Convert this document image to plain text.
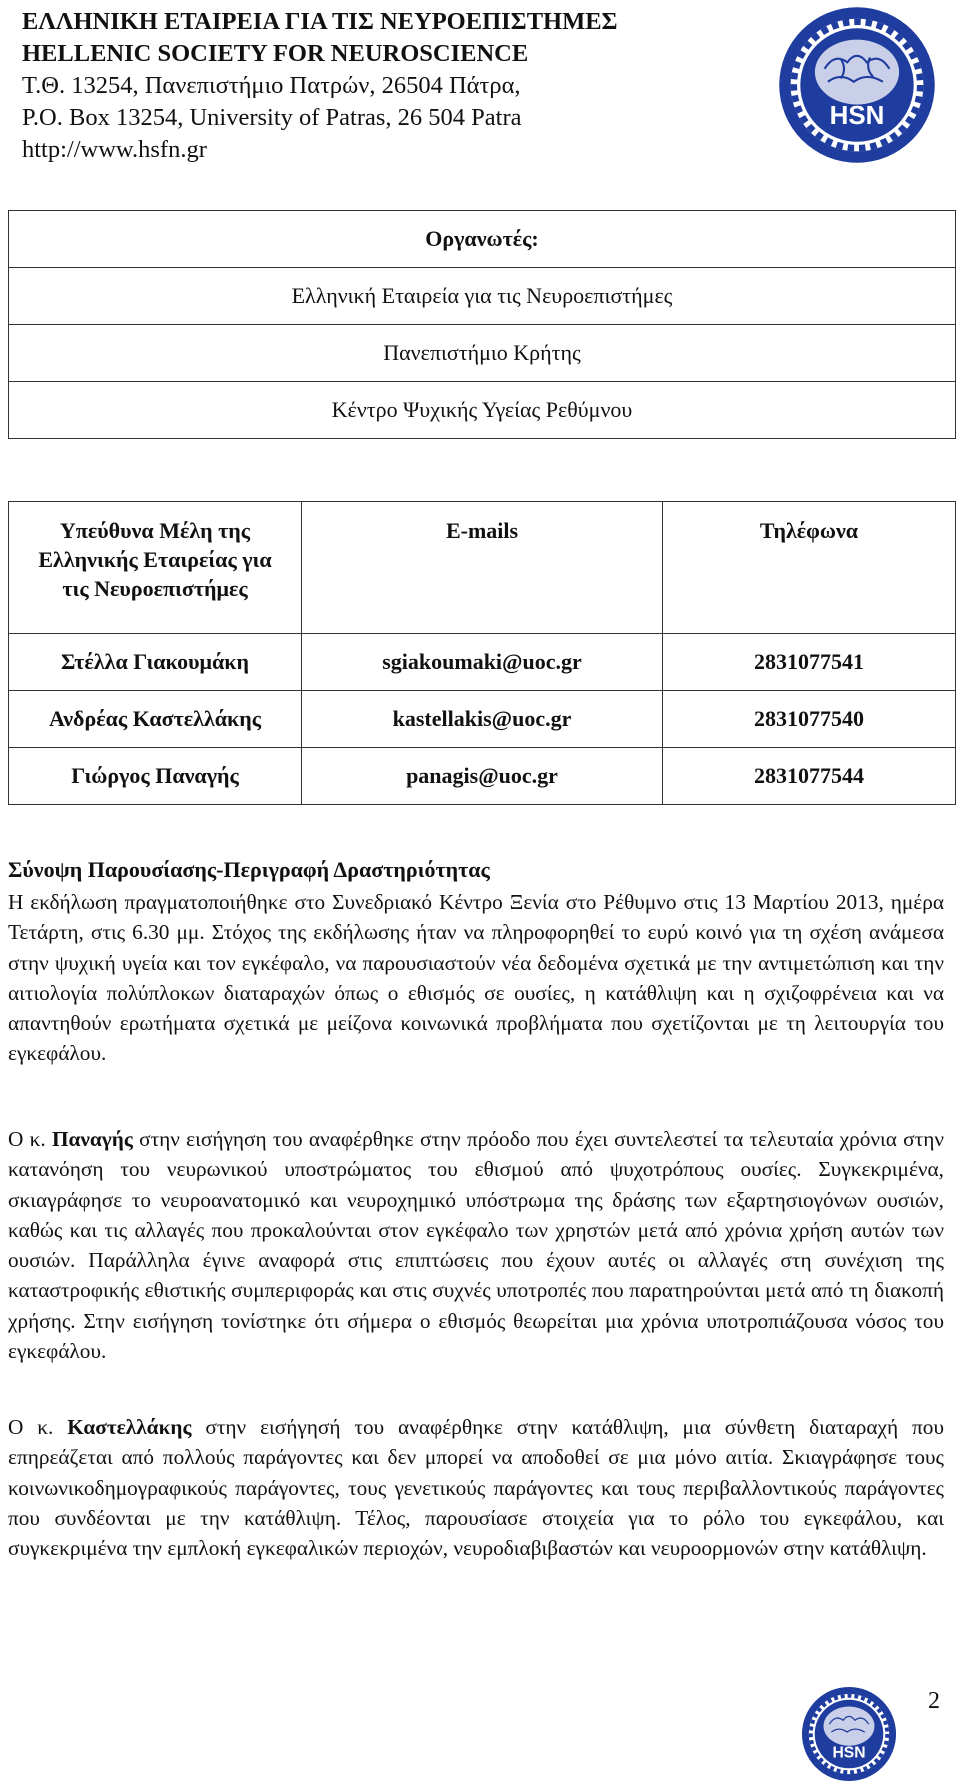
ΕΛΛΗΝΙΚΗ ΕΤΑΙΡΕΙΑ ΓΙΑ ΤΙΣ ΝΕΥΡΟΕΠΙΣΤΗΜΕΣ
HELLENIC SOCIETY FOR NEUROSCIENCE
Τ.Θ. 13254, Πανεπιστήμιο Πατρών, 26504 Πάτρα,
P.O. Box 13254, University of Patras, 26 504 Patra
http://www.hsfn.gr
HSN
Οργανωτές:
Ελληνική Εταιρεία για τις Νευροεπιστήμες
Πανεπιστήμιο Κρήτης
Κέντρο Ψυχικής Υγείας Ρεθύμνου
Υπεύθυνα Μέλη της Ελληνικής Εταιρείας για τις Νευροεπιστήμες	E-mails	Τηλέφωνα
Στέλλα Γιακουμάκη	sgiakoumaki@uoc.gr	2831077541
Ανδρέας Καστελλάκης	kastellakis@uoc.gr	2831077540
Γιώργος Παναγής	panagis@uoc.gr	2831077544
Σύνοψη Παρουσίασης-Περιγραφή Δραστηριότητας
Η εκδήλωση πραγματοποιήθηκε στο Συνεδριακό Κέντρο Ξενία στο Ρέθυμνο στις 13 Μαρτίου 2013, ημέρα Τετάρτη, στις 6.30 μμ. Στόχος της εκδήλωσης ήταν να πληροφορηθεί το ευρύ κοινό για τη σχέση ανάμεσα στην ψυχική υγεία και τον εγκέφαλο, να παρουσιαστούν νέα δεδομένα σχετικά με την αντιμετώπιση και την αιτιολογία πολύπλοκων διαταραχών όπως ο εθισμός σε ουσίες, η κατάθλιψη και η σχιζοφρένεια και να απαντηθούν ερωτήματα σχετικά με μείζονα κοινωνικά προβλήματα που σχετίζονται με τη λειτουργία του εγκεφάλου.
Ο κ. Παναγής στην εισήγηση του αναφέρθηκε στην πρόοδο που έχει συντελεστεί τα τελευταία χρόνια στην κατανόηση του νευρωνικού υποστρώματος του εθισμού από ψυχοτρόπους ουσίες. Συγκεκριμένα, σκιαγράφησε το νευροανατομικό και νευροχημικό υπόστρωμα της δράσης των εξαρτησιογόνων ουσιών, καθώς και τις αλλαγές που προκαλούνται στον εγκέφαλο των χρηστών μετά από χρόνια χρήση αυτών των ουσιών. Παράλληλα έγινε αναφορά στις επιπτώσεις που έχουν αυτές οι αλλαγές στη συνέχιση της καταστροφικής εθιστικής συμπεριφοράς και στις συχνές υποτροπές που παρατηρούνται μετά από τη διακοπή χρήσης. Στην εισήγηση τονίστηκε ότι σήμερα ο εθισμός θεωρείται μια χρόνια υποτροπιάζουσα νόσος του εγκεφάλου.
Ο κ. Καστελλάκης στην εισήγησή του αναφέρθηκε στην κατάθλιψη, μια σύνθετη διαταραχή που επηρεάζεται από πολλούς παράγοντες και δεν μπορεί να αποδοθεί σε μια μόνο αιτία. Σκιαγράφησε τους κοινωνικοδημογραφικούς παράγοντες, τους γενετικούς παράγοντες και τους περιβαλλοντικούς παράγοντες που συνδέονται με την κατάθλιψη. Τέλος, παρουσίασε στοιχεία για το ρόλο του εγκεφάλου, και συγκεκριμένα την εμπλοκή εγκεφαλικών περιοχών, νευροδιαβιβαστών και νευροορμονών στην κατάθλιψη.
2
HSN
